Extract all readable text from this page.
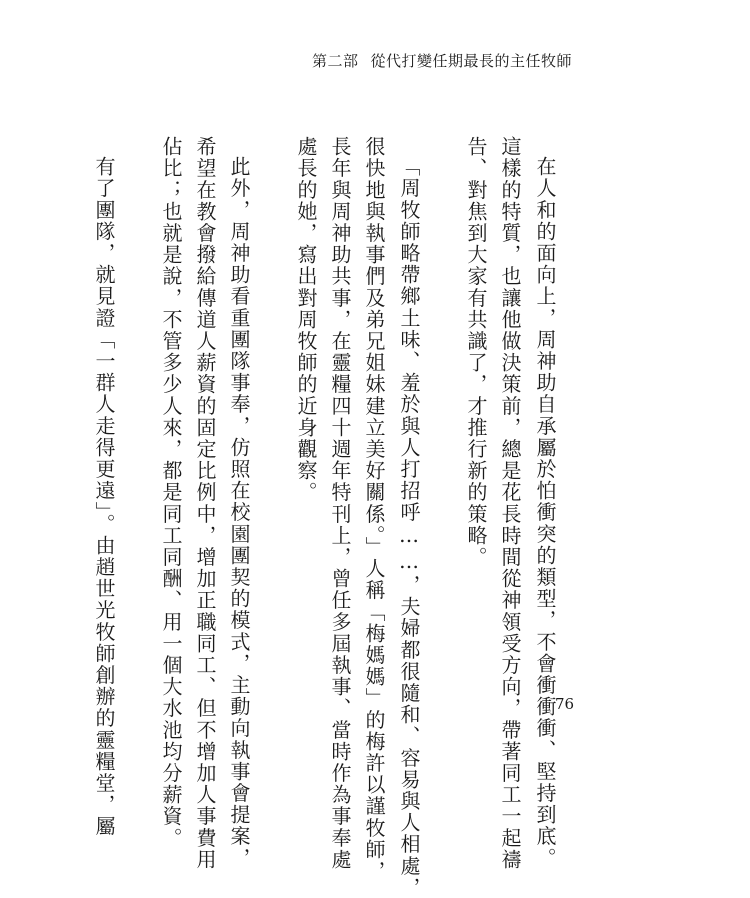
第二部 從代打變任期最長的主任牧師
在人和的面向上，周神助自承屬於怕衝突的類型，不會衝衝衝、堅持到底。
這樣的特質，也讓他做決策前，總是花長時間從神領受方向，帶著同工一起禱
告、對焦到大家有共識了，才推行新的策略。
「周牧師略帶鄉土味、羞於與人打招呼……，夫婦都很隨和、容易與人相處，
很快地與執事們及弟兄姐妹建立美好關係。」人稱「梅媽媽」的梅許以謹牧師，
長年與周神助共事，在靈糧四十週年特刊上，曾任多屆執事、當時作為事奉處
處長的她，寫出對周牧師的近身觀察。
此外，周神助看重團隊事奉，仿照在校園團契的模式，主動向執事會提案，
希望在教會撥給傳道人薪資的固定比例中，增加正職同工、但不增加人事費用
佔比；也就是說，不管多少人來，都是同工同酬、用一個大水池均分薪資。
有了團隊，就見證「一群人走得更遠」。由趙世光牧師創辦的靈糧堂，屬	76
